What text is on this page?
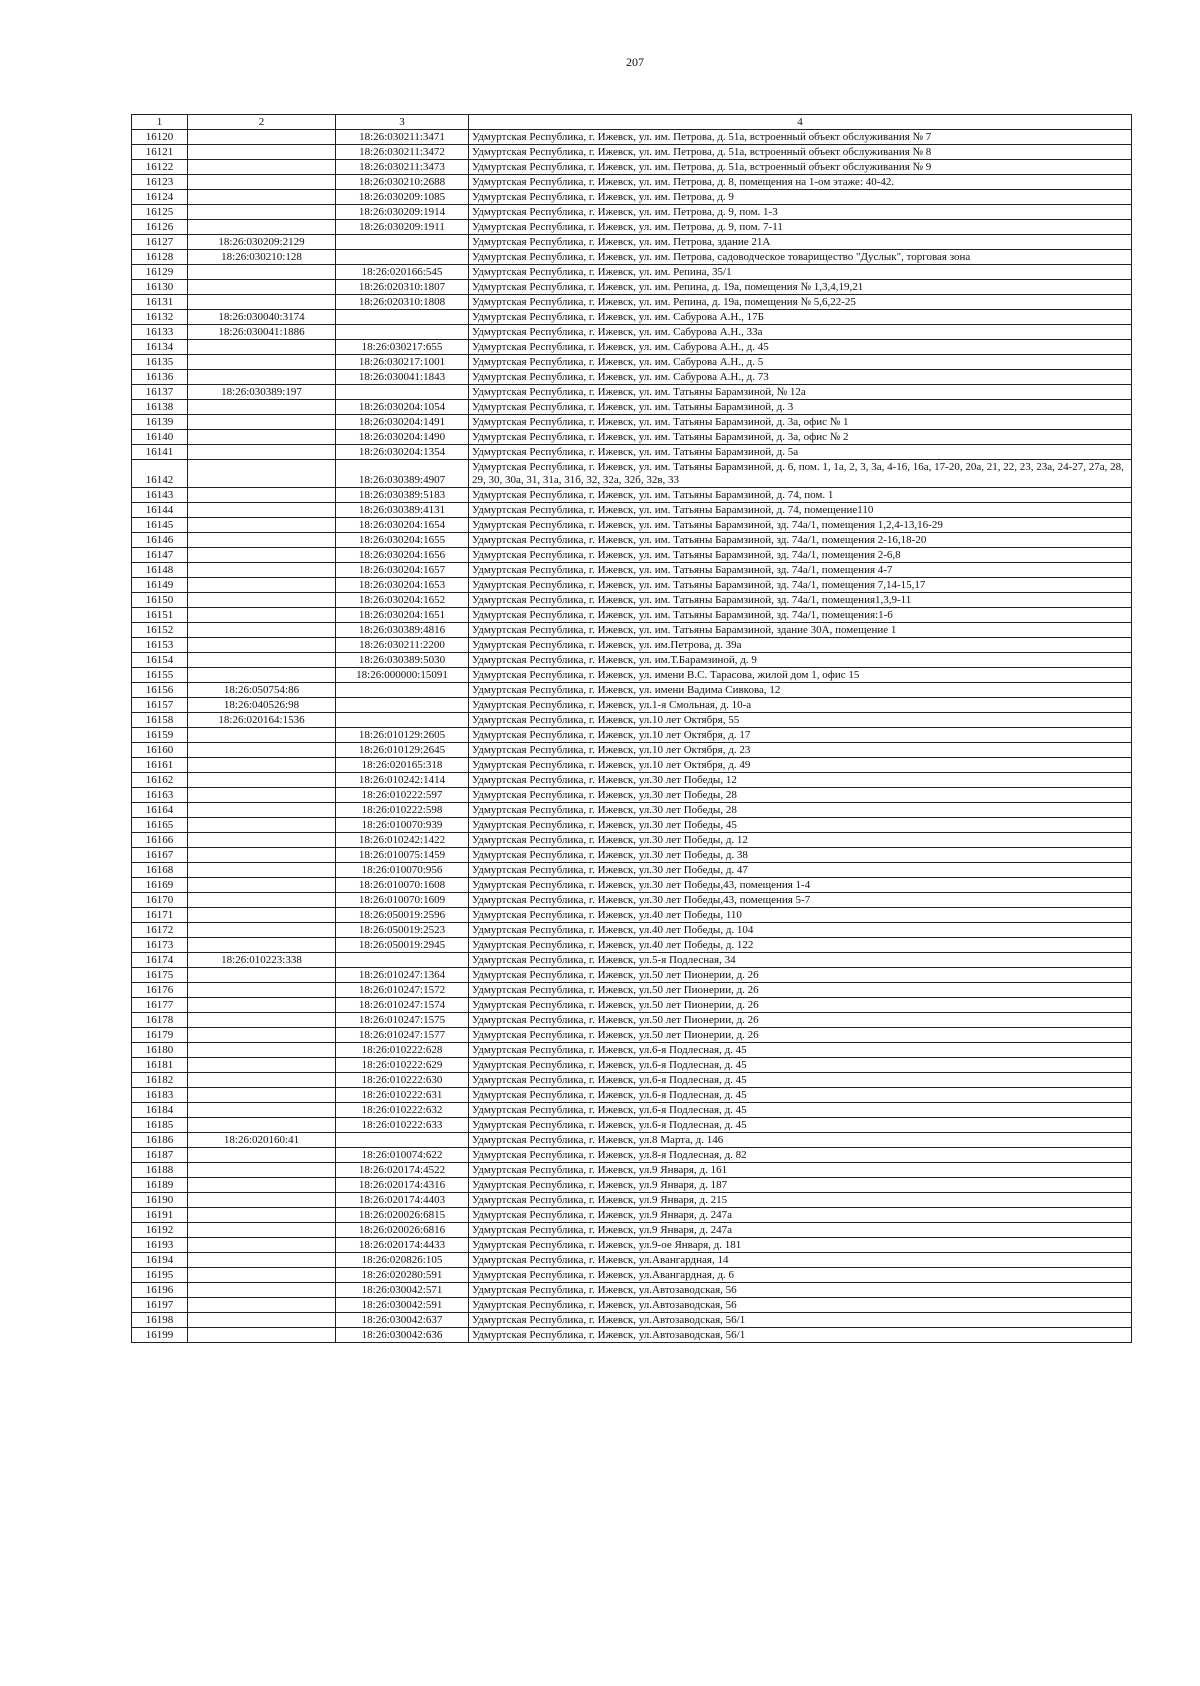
207
1	2	3	4
16120		18:26:030211:3471	Удмуртская Республика, г. Ижевск, ул. им. Петрова, д. 51а, встроенный объект обслуживания № 7
16121		18:26:030211:3472	Удмуртская Республика, г. Ижевск, ул. им. Петрова, д. 51а, встроенный объект обслуживания № 8
16122		18:26:030211:3473	Удмуртская Республика, г. Ижевск, ул. им. Петрова, д. 51а, встроенный объект обслуживания № 9
16123		18:26:030210:2688	Удмуртская Республика, г. Ижевск, ул. им. Петрова, д. 8, помещения на 1-ом этаже: 40-42.
16124		18:26:030209:1085	Удмуртская Республика, г. Ижевск, ул. им. Петрова, д. 9
16125		18:26:030209:1914	Удмуртская Республика, г. Ижевск, ул. им. Петрова, д. 9, пом. 1-3
16126		18:26:030209:1911	Удмуртская Республика, г. Ижевск, ул. им. Петрова, д. 9, пом. 7-11
16127	18:26:030209:2129		Удмуртская Республика, г. Ижевск, ул. им. Петрова, здание 21А
16128	18:26:030210:128		Удмуртская Республика, г. Ижевск, ул. им. Петрова, садоводческое товарищество "Дуслык", торговая зона
16129		18:26:020166:545	Удмуртская Республика, г. Ижевск, ул. им. Репина, 35/1
16130		18:26:020310:1807	Удмуртская Республика, г. Ижевск, ул. им. Репина, д. 19а, помещения № 1,3,4,19,21
16131		18:26:020310:1808	Удмуртская Республика, г. Ижевск, ул. им. Репина, д. 19а, помещения № 5,6,22-25
16132	18:26:030040:3174		Удмуртская Республика, г. Ижевск, ул. им. Сабурова А.Н., 17Б
16133	18:26:030041:1886		Удмуртская Республика, г. Ижевск, ул. им. Сабурова А.Н., 33а
16134		18:26:030217:655	Удмуртская Республика, г. Ижевск, ул. им. Сабурова А.Н., д. 45
16135		18:26:030217:1001	Удмуртская Республика, г. Ижевск, ул. им. Сабурова А.Н., д. 5
16136		18:26:030041:1843	Удмуртская Республика, г. Ижевск, ул. им. Сабурова А.Н., д. 73
16137	18:26:030389:197		Удмуртская Республика, г. Ижевск, ул. им. Татьяны Барамзиной, № 12а
16138		18:26:030204:1054	Удмуртская Республика, г. Ижевск, ул. им. Татьяны Барамзиной, д. 3
16139		18:26:030204:1491	Удмуртская Республика, г. Ижевск, ул. им. Татьяны Барамзиной, д. 3а, офис № 1
16140		18:26:030204:1490	Удмуртская Республика, г. Ижевск, ул. им. Татьяны Барамзиной, д. 3а, офис № 2
16141		18:26:030204:1354	Удмуртская Республика, г. Ижевск, ул. им. Татьяны Барамзиной, д. 5а
16142		18:26:030389:4907	Удмуртская Республика, г. Ижевск, ул. им. Татьяны Барамзиной, д. 6, пом. 1, 1а, 2, 3, 3а, 4-16, 16а, 17-20, 20а, 21, 22, 23, 23а, 24-27, 27а, 28, 29, 30, 30а, 31, 31а, 31б, 32, 32а, 32б, 32в, 33
16143		18:26:030389:5183	Удмуртская Республика, г. Ижевск, ул. им. Татьяны Барамзиной, д. 74, пом. 1
16144		18:26:030389:4131	Удмуртская Республика, г. Ижевск, ул. им. Татьяны Барамзиной, д. 74, помещение110
16145		18:26:030204:1654	Удмуртская Республика, г. Ижевск, ул. им. Татьяны Барамзиной, зд. 74а/1, помещения 1,2,4-13,16-29
16146		18:26:030204:1655	Удмуртская Республика, г. Ижевск, ул. им. Татьяны Барамзиной, зд. 74а/1, помещения 2-16,18-20
16147		18:26:030204:1656	Удмуртская Республика, г. Ижевск, ул. им. Татьяны Барамзиной, зд. 74а/1, помещения 2-6,8
16148		18:26:030204:1657	Удмуртская Республика, г. Ижевск, ул. им. Татьяны Барамзиной, зд. 74а/1, помещения 4-7
16149		18:26:030204:1653	Удмуртская Республика, г. Ижевск, ул. им. Татьяны Барамзиной, зд. 74а/1, помещения 7,14-15,17
16150		18:26:030204:1652	Удмуртская Республика, г. Ижевск, ул. им. Татьяны Барамзиной, зд. 74а/1, помещения1,3,9-11
16151		18:26:030204:1651	Удмуртская Республика, г. Ижевск, ул. им. Татьяны Барамзиной, зд. 74а/1, помещения:1-6
16152		18:26:030389:4816	Удмуртская Республика, г. Ижевск, ул. им. Татьяны Барамзиной, здание 30А, помещение 1
16153		18:26:030211:2200	Удмуртская Республика, г. Ижевск, ул. им.Петрова, д. 39а
16154		18:26:030389:5030	Удмуртская Республика, г. Ижевск, ул. им.Т.Барамзиной, д. 9
16155		18:26:000000:15091	Удмуртская Республика, г. Ижевск, ул. имени В.С. Тарасова, жилой дом 1, офис 15
16156	18:26:050754:86		Удмуртская Республика, г. Ижевск, ул. имени Вадима Сивкова, 12
16157	18:26:040526:98		Удмуртская Республика, г. Ижевск, ул.1-я Смольная, д. 10-а
16158	18:26:020164:1536		Удмуртская Республика, г. Ижевск, ул.10 лет Октября, 55
16159		18:26:010129:2605	Удмуртская Республика, г. Ижевск, ул.10 лет Октября, д. 17
16160		18:26:010129:2645	Удмуртская Республика, г. Ижевск, ул.10 лет Октября, д. 23
16161		18:26:020165:318	Удмуртская Республика, г. Ижевск, ул.10 лет Октября, д. 49
16162		18:26:010242:1414	Удмуртская Республика, г. Ижевск, ул.30 лет Победы, 12
16163		18:26:010222:597	Удмуртская Республика, г. Ижевск, ул.30 лет Победы, 28
16164		18:26:010222:598	Удмуртская Республика, г. Ижевск, ул.30 лет Победы, 28
16165		18:26:010070:939	Удмуртская Республика, г. Ижевск, ул.30 лет Победы, 45
16166		18:26:010242:1422	Удмуртская Республика, г. Ижевск, ул.30 лет Победы, д. 12
16167		18:26:010075:1459	Удмуртская Республика, г. Ижевск, ул.30 лет Победы, д. 38
16168		18:26:010070:956	Удмуртская Республика, г. Ижевск, ул.30 лет Победы, д. 47
16169		18:26:010070:1608	Удмуртская Республика, г. Ижевск, ул.30 лет Победы,43, помещения 1-4
16170		18:26:010070:1609	Удмуртская Республика, г. Ижевск, ул.30 лет Победы,43, помещения 5-7
16171		18:26:050019:2596	Удмуртская Республика, г. Ижевск, ул.40 лет Победы, 110
16172		18:26:050019:2523	Удмуртская Республика, г. Ижевск, ул.40 лет Победы, д. 104
16173		18:26:050019:2945	Удмуртская Республика, г. Ижевск, ул.40 лет Победы, д. 122
16174	18:26:010223:338		Удмуртская Республика, г. Ижевск, ул.5-я Подлесная, 34
16175		18:26:010247:1364	Удмуртская Республика, г. Ижевск, ул.50 лет Пионерии, д. 26
16176		18:26:010247:1572	Удмуртская Республика, г. Ижевск, ул.50 лет Пионерии, д. 26
16177		18:26:010247:1574	Удмуртская Республика, г. Ижевск, ул.50 лет Пионерии, д. 26
16178		18:26:010247:1575	Удмуртская Республика, г. Ижевск, ул.50 лет Пионерии, д. 26
16179		18:26:010247:1577	Удмуртская Республика, г. Ижевск, ул.50 лет Пионерии, д. 26
16180		18:26:010222:628	Удмуртская Республика, г. Ижевск, ул.6-я Подлесная, д. 45
16181		18:26:010222:629	Удмуртская Республика, г. Ижевск, ул.6-я Подлесная, д. 45
16182		18:26:010222:630	Удмуртская Республика, г. Ижевск, ул.6-я Подлесная, д. 45
16183		18:26:010222:631	Удмуртская Республика, г. Ижевск, ул.6-я Подлесная, д. 45
16184		18:26:010222:632	Удмуртская Республика, г. Ижевск, ул.6-я Подлесная, д. 45
16185		18:26:010222:633	Удмуртская Республика, г. Ижевск, ул.6-я Подлесная, д. 45
16186	18:26:020160:41		Удмуртская Республика, г. Ижевск, ул.8 Марта, д. 146
16187		18:26:010074:622	Удмуртская Республика, г. Ижевск, ул.8-я Подлесная, д. 82
16188		18:26:020174:4522	Удмуртская Республика, г. Ижевск, ул.9 Января, д. 161
16189		18:26:020174:4316	Удмуртская Республика, г. Ижевск, ул.9 Января, д. 187
16190		18:26:020174:4403	Удмуртская Республика, г. Ижевск, ул.9 Января, д. 215
16191		18:26:020026:6815	Удмуртская Республика, г. Ижевск, ул.9 Января, д. 247а
16192		18:26:020026:6816	Удмуртская Республика, г. Ижевск, ул.9 Января, д. 247а
16193		18:26:020174:4433	Удмуртская Республика, г. Ижевск, ул.9-ое Января, д. 181
16194		18:26:020826:105	Удмуртская Республика, г. Ижевск, ул.Авангардная, 14
16195		18:26:020280:591	Удмуртская Республика, г. Ижевск, ул.Авангардная, д. 6
16196		18:26:030042:571	Удмуртская Республика, г. Ижевск, ул.Автозаводская, 56
16197		18:26:030042:591	Удмуртская Республика, г. Ижевск, ул.Автозаводская, 56
16198		18:26:030042:637	Удмуртская Республика, г. Ижевск, ул.Автозаводская, 56/1
16199		18:26:030042:636	Удмуртская Республика, г. Ижевск, ул.Автозаводская, 56/1
